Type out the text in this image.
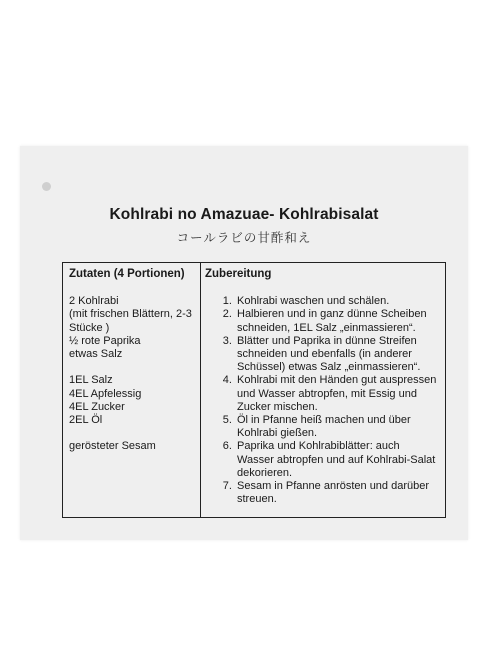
Kohlrabi no Amazuae- Kohlrabisalat
コールラビの甘酢和え
Zutaten (4 Portionen)
2 Kohlrabi
(mit frischen Blättern, 2-3
Stücke )
½ rote Paprika
etwas Salz
1EL Salz
4EL Apfelessig
4EL Zucker
2EL Öl
gerösteter Sesam
Zubereitung
1. Kohlrabi waschen und schälen.
2. Halbieren und in ganz dünne Scheiben schneiden, 1EL Salz „einmassieren“.
3. Blätter und Paprika in dünne Streifen schneiden und ebenfalls (in anderer Schüssel) etwas Salz „einmassieren“.
4. Kohlrabi mit den Händen gut auspressen und Wasser abtropfen, mit Essig und Zucker mischen.
5. Öl in Pfanne heiß machen und über Kohlrabi gießen.
6. Paprika und Kohlrabiblätter: auch Wasser abtropfen und auf Kohlrabi-Salat dekorieren.
7. Sesam in Pfanne anrösten und darüber streuen.
